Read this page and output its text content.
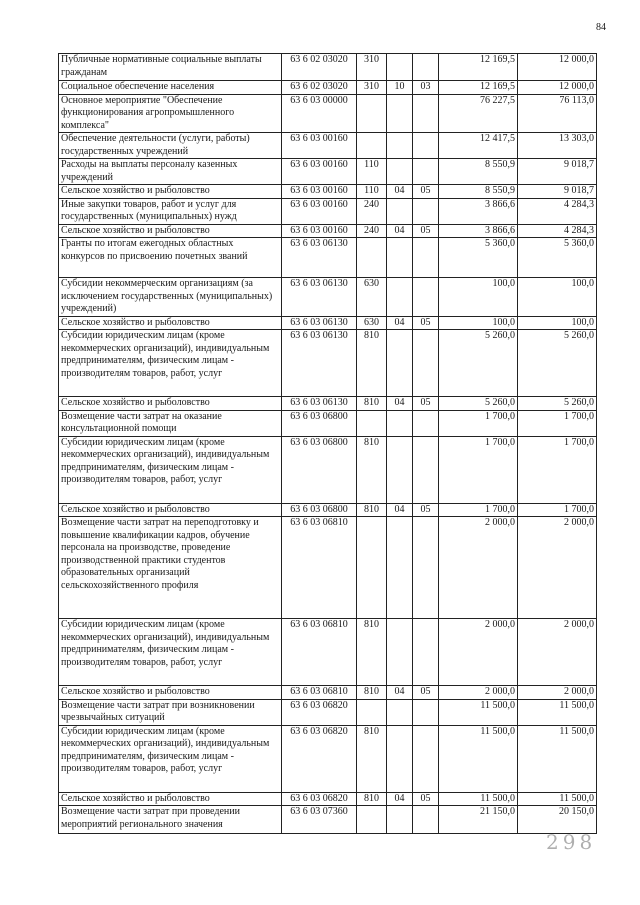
84
Публичные нормативные социальные выплаты гражданам	63 6 02 03020	310			12 169,5	12 000,0
Социальное обеспечение населения	63 6 02 03020	310	10	03	12 169,5	12 000,0
Основное мероприятие "Обеспечение функционирования агропромышленного комплекса"	63 6 03 00000				76 227,5	76 113,0
Обеспечение деятельности (услуги, работы) государственных учреждений	63 6 03 00160				12 417,5	13 303,0
Расходы на выплаты персоналу казенных учреждений	63 6 03 00160	110			8 550,9	9 018,7
Сельское хозяйство и рыболовство	63 6 03 00160	110	04	05	8 550,9	9 018,7
Иные закупки товаров, работ и услуг для государственных (муниципальных) нужд	63 6 03 00160	240			3 866,6	4 284,3
Сельское хозяйство и рыболовство	63 6 03 00160	240	04	05	3 866,6	4 284,3
Гранты по итогам ежегодных областных конкурсов по присвоению почетных званий	63 6 03 06130				5 360,0	5 360,0
Субсидии некоммерческим организациям (за исключением государственных (муниципальных) учреждений)	63 6 03 06130	630			100,0	100,0
Сельское хозяйство и рыболовство	63 6 03 06130	630	04	05	100,0	100,0
Субсидии юридическим лицам (кроме некоммерческих организаций), индивидуальным предпринимателям, физическим лицам - производителям товаров, работ, услуг	63 6 03 06130	810			5 260,0	5 260,0
Сельское хозяйство и рыболовство	63 6 03 06130	810	04	05	5 260,0	5 260,0
Возмещение части затрат на оказание консультационной помощи	63 6 03 06800				1 700,0	1 700,0
Субсидии юридическим лицам (кроме некоммерческих организаций), индивидуальным предпринимателям, физическим лицам - производителям товаров, работ, услуг	63 6 03 06800	810			1 700,0	1 700,0
Сельское хозяйство и рыболовство	63 6 03 06800	810	04	05	1 700,0	1 700,0
Возмещение части затрат на переподготовку и повышение квалификации кадров, обучение персонала на производстве, проведение производственной практики студентов образовательных организаций сельскохозяйственного профиля	63 6 03 06810				2 000,0	2 000,0
Субсидии юридическим лицам (кроме некоммерческих организаций), индивидуальным предпринимателям, физическим лицам - производителям товаров, работ, услуг	63 6 03 06810	810			2 000,0	2 000,0
Сельское хозяйство и рыболовство	63 6 03 06810	810	04	05	2 000,0	2 000,0
Возмещение части затрат при возникновении чрезвычайных ситуаций	63 6 03 06820				11 500,0	11 500,0
Субсидии юридическим лицам (кроме некоммерческих организаций), индивидуальным предпринимателям, физическим лицам - производителям товаров, работ, услуг	63 6 03 06820	810			11 500,0	11 500,0
Сельское хозяйство и рыболовство	63 6 03 06820	810	04	05	11 500,0	11 500,0
Возмещение части затрат при проведении мероприятий регионального значения	63 6 03 07360				21 150,0	20 150,0
298
